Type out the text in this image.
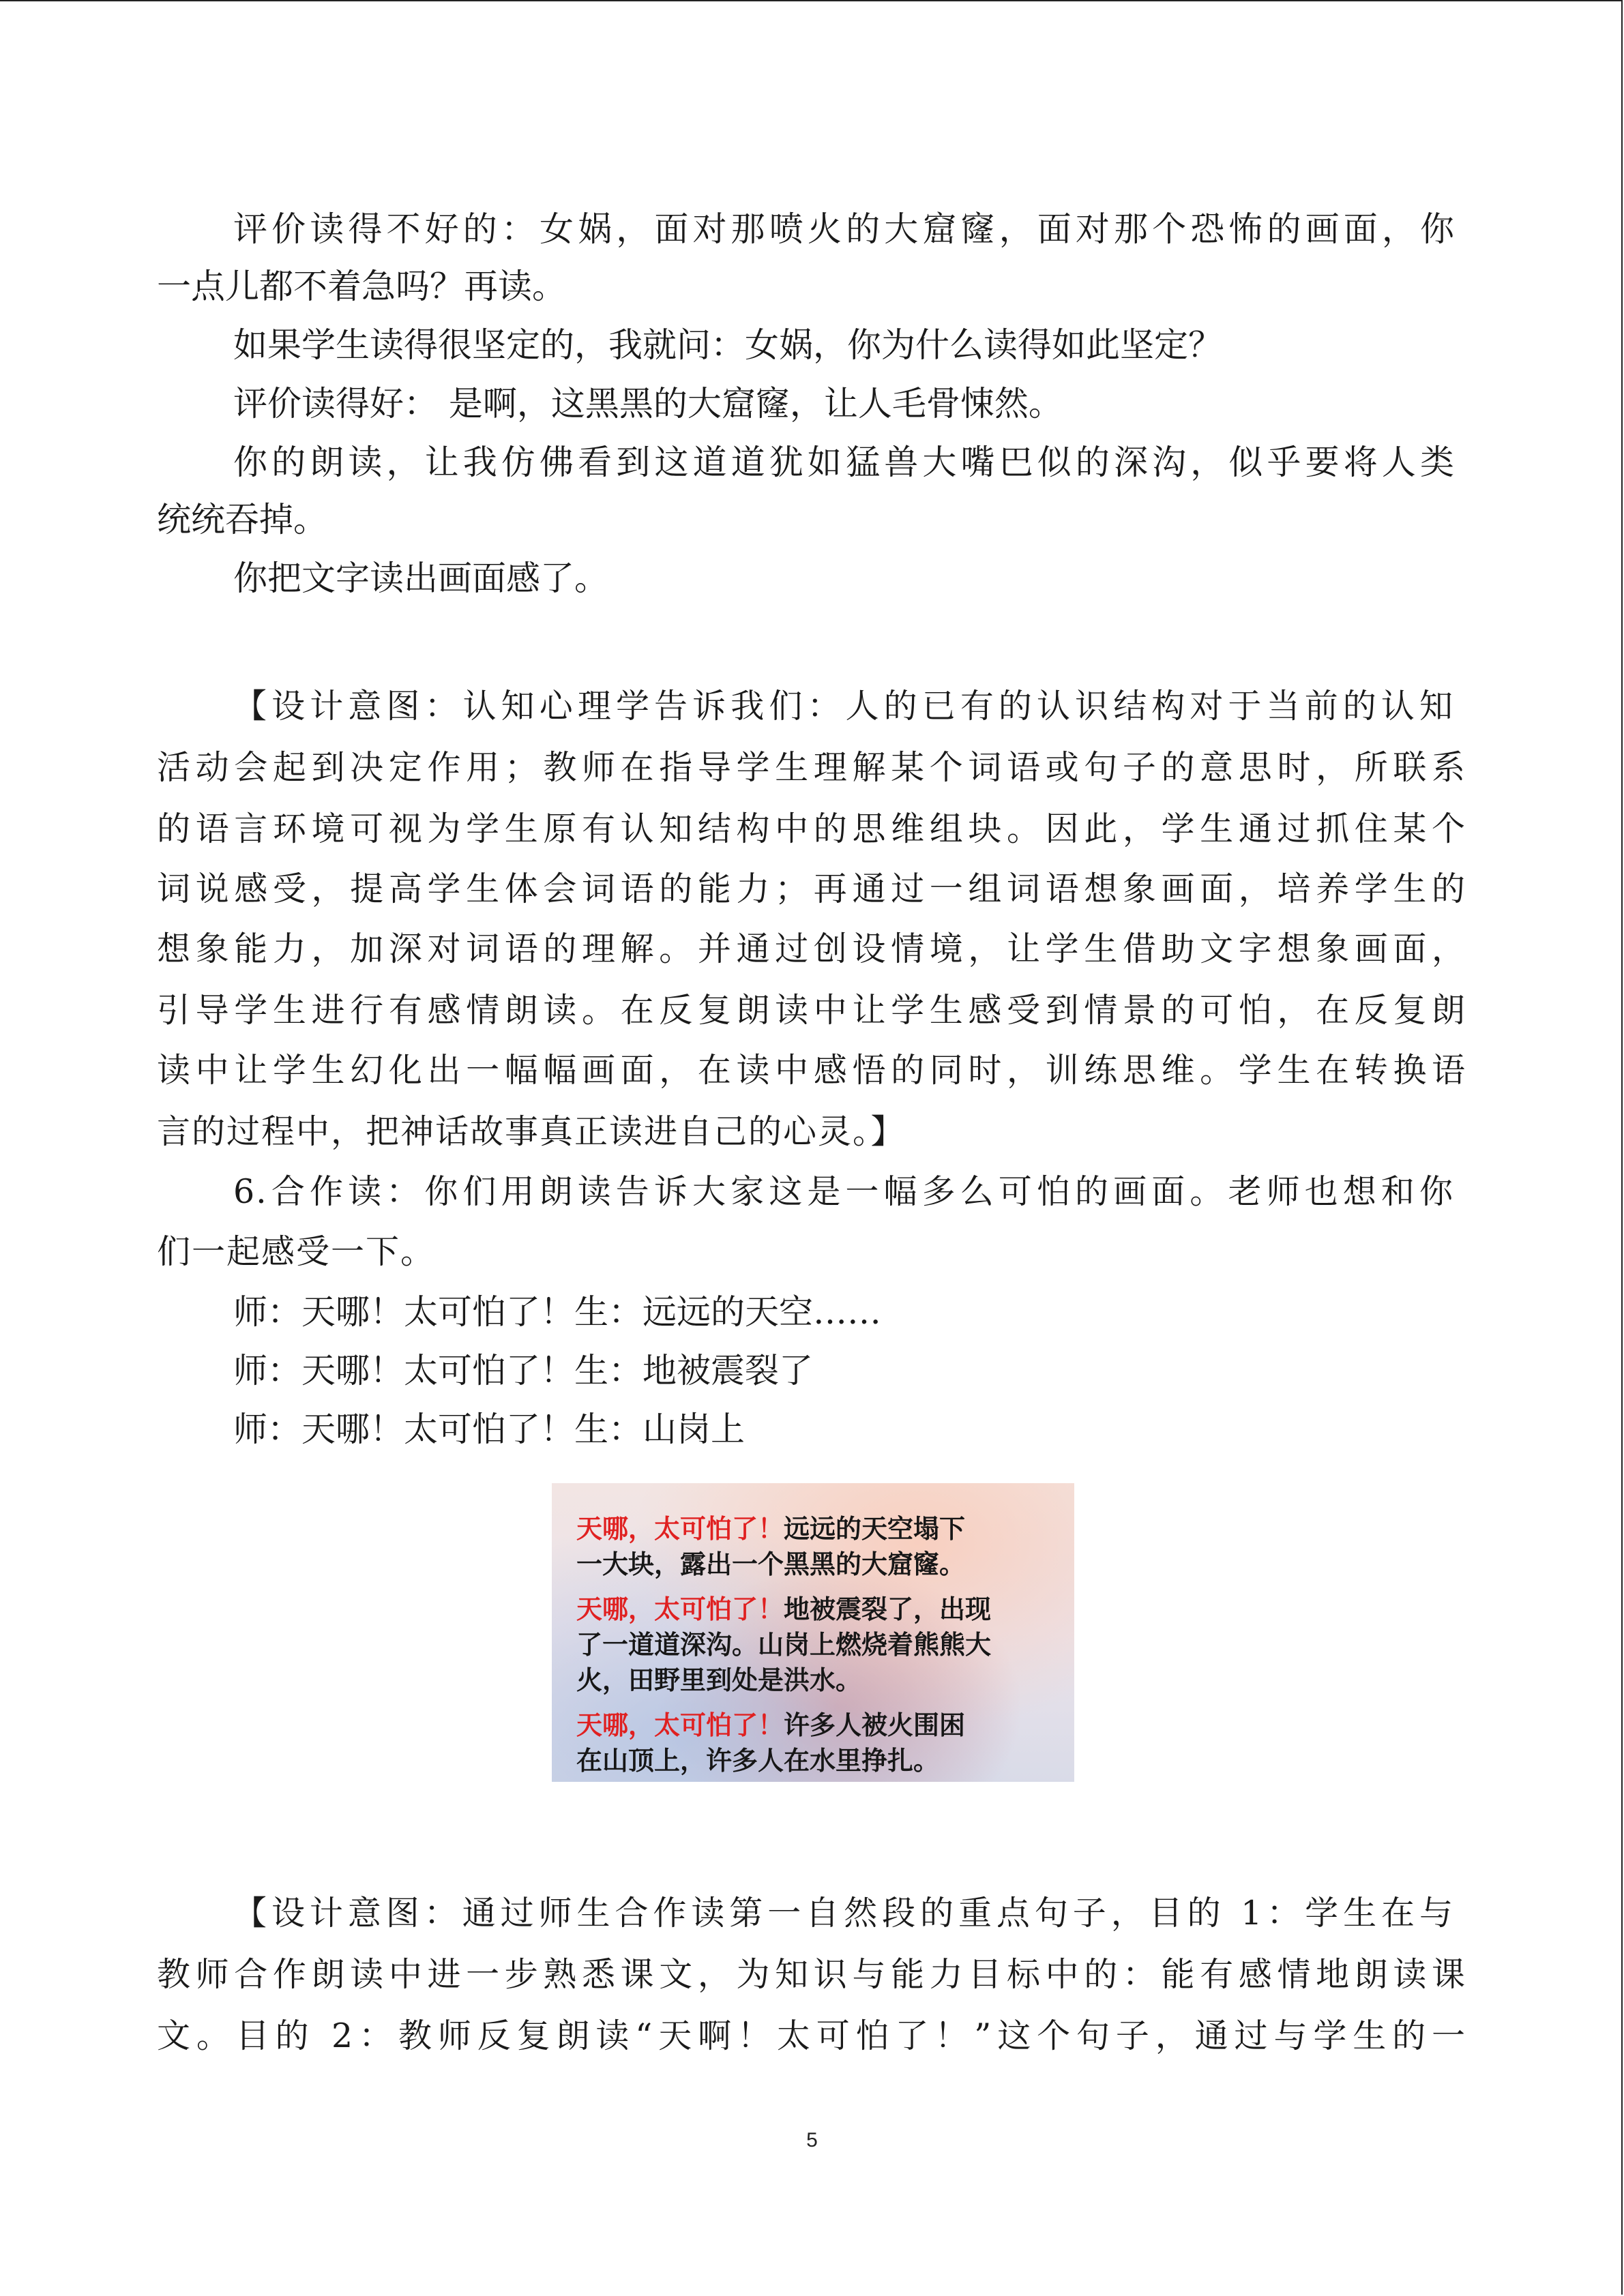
评价读得不好的：女娲，面对那喷火的大窟窿，面对那个恐怖的画面，你
一点儿都不着急吗？再读。
如果学生读得很坚定的，我就问：女娲，你为什么读得如此坚定？
评价读得好： 是啊，这黑黑的大窟窿，让人毛骨悚然。
你的朗读，让我仿佛看到这道道犹如猛兽大嘴巴似的深沟，似乎要将人类
统统吞掉。
你把文字读出画面感了。
【设计意图：认知心理学告诉我们：人的已有的认识结构对于当前的认知
活动会起到决定作用；教师在指导学生理解某个词语或句子的意思时，所联系
的语言环境可视为学生原有认知结构中的思维组块。因此，学生通过抓住某个
词说感受，提高学生体会词语的能力；再通过一组词语想象画面，培养学生的
想象能力，加深对词语的理解。并通过创设情境，让学生借助文字想象画面，
引导学生进行有感情朗读。在反复朗读中让学生感受到情景的可怕，在反复朗
读中让学生幻化出一幅幅画面，在读中感悟的同时，训练思维。学生在转换语
言的过程中，把神话故事真正读进自己的心灵。】
6.合作读：你们用朗读告诉大家这是一幅多么可怕的画面。老师也想和你
们一起感受一下。
师：天哪！太可怕了！生：远远的天空……
师：天哪！太可怕了！生：地被震裂了
师：天哪！太可怕了！生：山岗上
天哪，太可怕了！远远的天空塌下
一大块，露出一个黑黑的大窟窿。
天哪，太可怕了！地被震裂了，出现
了一道道深沟。山岗上燃烧着熊熊大
火，田野里到处是洪水。
天哪，太可怕了！许多人被火围困
在山顶上，许多人在水里挣扎。
【设计意图：通过师生合作读第一自然段的重点句子，目的 1：学生在与
教师合作朗读中进一步熟悉课文，为知识与能力目标中的：能有感情地朗读课
文。目的 2：教师反复朗读“天啊！太可怕了！”这个句子，通过与学生的一
5
